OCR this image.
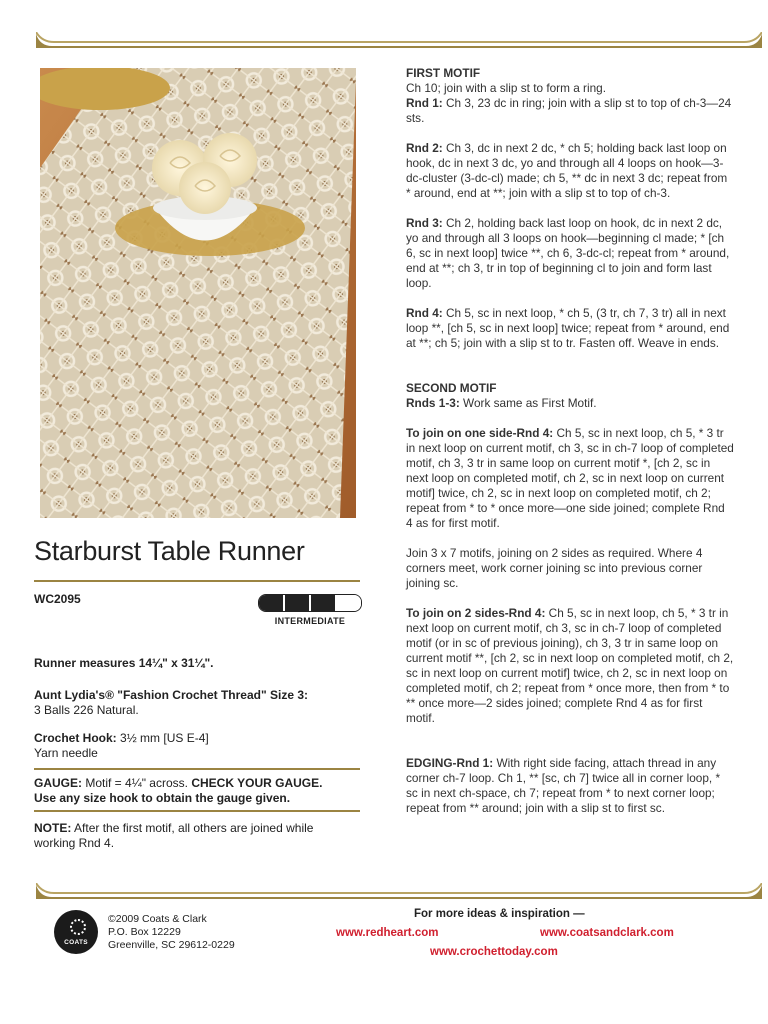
Starburst Table Runner
WC2095
INTERMEDIATE
Runner measures 14¼" x 31¼".
Aunt Lydia's® "Fashion Crochet Thread" Size 3:
3 Balls 226 Natural.
Crochet Hook: 3½ mm [US E-4]
Yarn needle
GAUGE: Motif = 4¼" across. CHECK YOUR GAUGE.
Use any size hook to obtain the gauge given.
NOTE: After the first motif, all others are joined while working Rnd 4.

FIRST MOTIF

Ch 10; join with a slip st to form a ring.

Rnd 1: Ch 3, 23 dc in ring; join with a slip st to top of ch-3—24 sts.

Rnd 2: Ch 3, dc in next 2 dc, * ch 5; holding back last loop on hook, dc in next 3 dc, yo and through all 4 loops on hook—3-dc-cluster (3-dc-cl) made; ch 5, ** dc in next 3 dc; repeat from * around, end at **; join with a slip st to top of ch-3.

Rnd 3: Ch 2, holding back last loop on hook, dc in next 2 dc, yo and through all 3 loops on hook—beginning cl made; * [ch 6, sc in next loop] twice **, ch 6, 3-dc-cl; repeat from * around, end at **; ch 3, tr in top of beginning cl to join and form last loop.

Rnd 4: Ch 5, sc in next loop, * ch 5, (3 tr, ch 7, 3 tr) all in next loop **, [ch 5, sc in next loop] twice; repeat from * around, end at **; ch 5; join with a slip st to tr. Fasten off. Weave in ends.

SECOND MOTIF

Rnds 1-3: Work same as First Motif.

To join on one side-Rnd 4: Ch 5, sc in next loop, ch 5, * 3 tr in next loop on current motif, ch 3, sc in ch-7 loop of completed motif, ch 3, 3 tr in same loop on current motif *, [ch 2, sc in next loop on completed motif, ch 2, sc in next loop on current motif] twice, ch 2, sc in next loop on completed motif, ch 2; repeat from * to * once more—one side joined; complete Rnd 4 as for first motif.

Join 3 x 7 motifs, joining on 2 sides as required. Where 4 corners meet, work corner joining sc into previous corner joining sc.

To join on 2 sides-Rnd 4: Ch 5, sc in next loop, ch 5, * 3 tr in next loop on current motif, ch 3, sc in ch-7 loop of completed motif (or in sc of previous joining), ch 3, 3 tr in same loop on current motif **, [ch 2, sc in next loop on completed motif, ch 2, sc in next loop on current motif] twice, ch 2, sc in next loop on completed motif, ch 2; repeat from * once more, then from * to ** once more—2 sides joined; complete Rnd 4 as for first motif.

EDGING-Rnd 1: With right side facing, attach thread in any corner ch-7 loop. Ch 1, ** [sc, ch 7] twice all in corner loop, * sc in next ch-space, ch 7; repeat from * to next corner loop; repeat from ** around; join with a slip st to first sc.

COATS
©2009 Coats & Clark
P.O. Box 12229
Greenville, SC 29612-0229
For more ideas & inspiration —
www.redheart.com	www.coatsandclark.com
www.crochettoday.com
